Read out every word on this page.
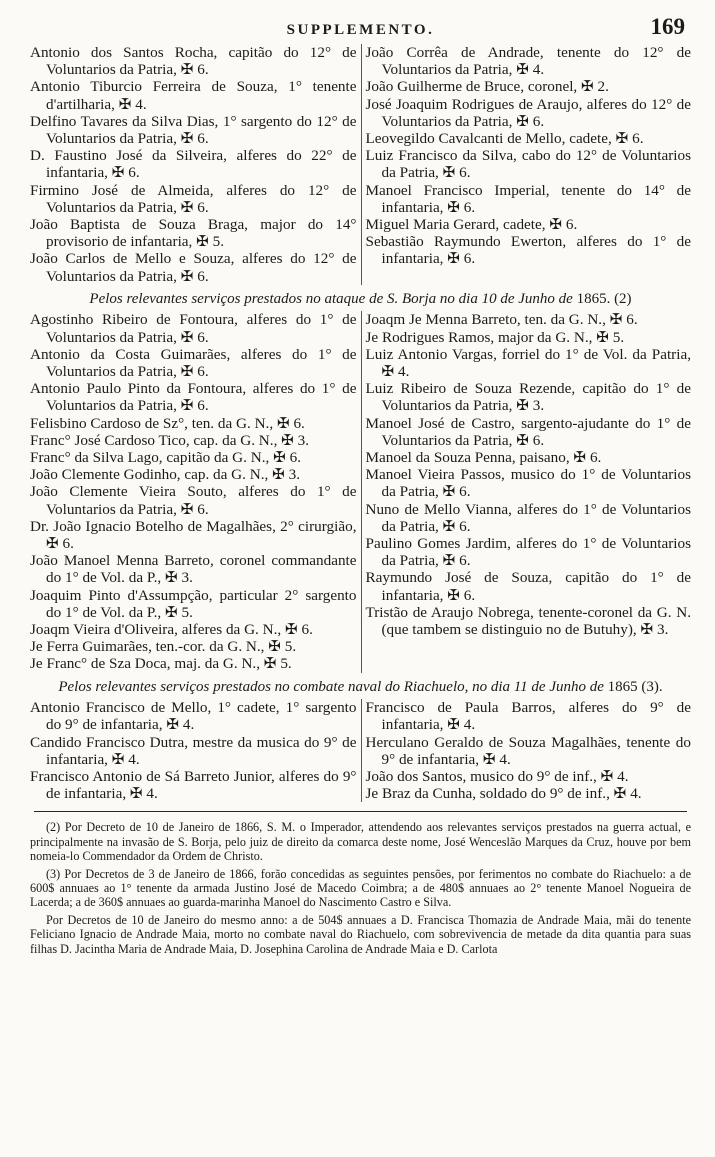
SUPPLEMENTO.	169
Antonio dos Santos Rocha, capitão do 12° de Voluntarios da Patria, ✠ 6.
Antonio Tiburcio Ferreira de Souza, 1° tenente d'artilharia, ✠ 4.
Delfino Tavares da Silva Dias, 1° sargento do 12° de Voluntarios da Patria, ✠ 6.
D. Faustino José da Silveira, alferes do 22° de infantaria, ✠ 6.
Firmino José de Almeida, alferes do 12° de Voluntarios da Patria, ✠ 6.
João Baptista de Souza Braga, major do 14° provisorio de infantaria, ✠ 5.
João Carlos de Mello e Souza, alferes do 12° de Voluntarios da Patria, ✠ 6.
João Corrêa de Andrade, tenente do 12° de Voluntarios da Patria, ✠ 4.
João Guilherme de Bruce, coronel, ✠ 2.
José Joaquim Rodrigues de Araujo, alferes do 12° de Voluntarios da Patria, ✠ 6.
Leovegildo Cavalcanti de Mello, cadete, ✠ 6.
Luiz Francisco da Silva, cabo do 12° de Voluntarios da Patria, ✠ 6.
Manoel Francisco Imperial, tenente do 14° de infantaria, ✠ 6.
Miguel Maria Gerard, cadete, ✠ 6.
Sebastião Raymundo Ewerton, alferes do 1° de infantaria, ✠ 6.
Pelos relevantes serviços prestados no ataque de S. Borja no dia 10 de Junho de 1865. (2)
Agostinho Ribeiro de Fontoura, alferes do 1° de Voluntarios da Patria, ✠ 6.
Antonio da Costa Guimarães, alferes do 1° de Voluntarios da Patria, ✠ 6.
Antonio Paulo Pinto da Fontoura, alferes do 1° de Voluntarios da Patria, ✠ 6.
Felisbino Cardoso de Sz°, ten. da G. N., ✠ 6.
Franc° José Cardoso Tico, cap. da G. N., ✠ 3.
Franc° da Silva Lago, capitão da G. N., ✠ 6.
João Clemente Godinho, cap. da G. N., ✠ 3.
João Clemente Vieira Souto, alferes do 1° de Voluntarios da Patria, ✠ 6.
Dr. João Ignacio Botelho de Magalhães, 2° cirurgião, ✠ 6.
João Manoel Menna Barreto, coronel commandante do 1° de Vol. da P., ✠ 3.
Joaquim Pinto d'Assumpção, particular 2° sargento do 1° de Vol. da P., ✠ 5.
Joaqm Vieira d'Oliveira, alferes da G. N., ✠ 6.
Je Ferra Guimarães, ten.-cor. da G. N., ✠ 5.
Je Franc° de Sza Doca, maj. da G. N., ✠ 5.
Joaqm Je Menna Barreto, ten. da G. N., ✠ 6.
Je Rodrigues Ramos, major da G. N., ✠ 5.
Luiz Antonio Vargas, forriel do 1° de Vol. da Patria, ✠ 4.
Luiz Ribeiro de Souza Rezende, capitão do 1° de Voluntarios da Patria, ✠ 3.
Manoel José de Castro, sargento-ajudante do 1° de Voluntarios da Patria, ✠ 6.
Manoel da Souza Penna, paisano, ✠ 6.
Manoel Vieira Passos, musico do 1° de Voluntarios da Patria, ✠ 6.
Nuno de Mello Vianna, alferes do 1° de Voluntarios da Patria, ✠ 6.
Paulino Gomes Jardim, alferes do 1° de Voluntarios da Patria, ✠ 6.
Raymundo José de Souza, capitão do 1° de infantaria, ✠ 6.
Tristão de Araujo Nobrega, tenente-coronel da G. N. (que tambem se distinguio no de Butuhy), ✠ 3.
Pelos relevantes serviços prestados no combate naval do Riachuelo, no dia 11 de Junho de 1865 (3).
Antonio Francisco de Mello, 1° cadete, 1° sargento do 9° de infantaria, ✠ 4.
Candido Francisco Dutra, mestre da musica do 9° de infantaria, ✠ 4.
Francisco Antonio de Sá Barreto Junior, alferes do 9° de infantaria, ✠ 4.
Francisco de Paula Barros, alferes do 9° de infantaria, ✠ 4.
Herculano Geraldo de Souza Magalhães, tenente do 9° de infantaria, ✠ 4.
João dos Santos, musico do 9° de inf., ✠ 4.
Je Braz da Cunha, soldado do 9° de inf., ✠ 4.

(2) Por Decreto de 10 de Janeiro de 1866, S. M. o Imperador, attendendo aos relevantes serviços prestados na guerra actual, e principalmente na invasão de S. Borja, pelo juiz de direito da comarca deste nome, José Wenceslão Marques da Cruz, houve por bem nomeia-lo Commendador da Ordem de Christo.

(3) Por Decretos de 3 de Janeiro de 1866, forão concedidas as seguintes pensões, por ferimentos no combate do Riachuelo: a de 600$ annuaes ao 1° tenente da armada Justino José de Macedo Coimbra; a de 480$ annuaes ao 2° tenente Manoel Nogueira de Lacerda; a de 360$ annuaes ao guarda-marinha Manoel do Nascimento Castro e Silva.

Por Decretos de 10 de Janeiro do mesmo anno: a de 504$ annuaes a D. Francisca Thomazia de Andrade Maia, mãi do tenente Feliciano Ignacio de Andrade Maia, morto no combate naval do Riachuelo, com sobrevivencia de metade da dita quantia para suas filhas D. Jacintha Maria de Andrade Maia, D. Josephina Carolina de Andrade Maia e D. Carlota
